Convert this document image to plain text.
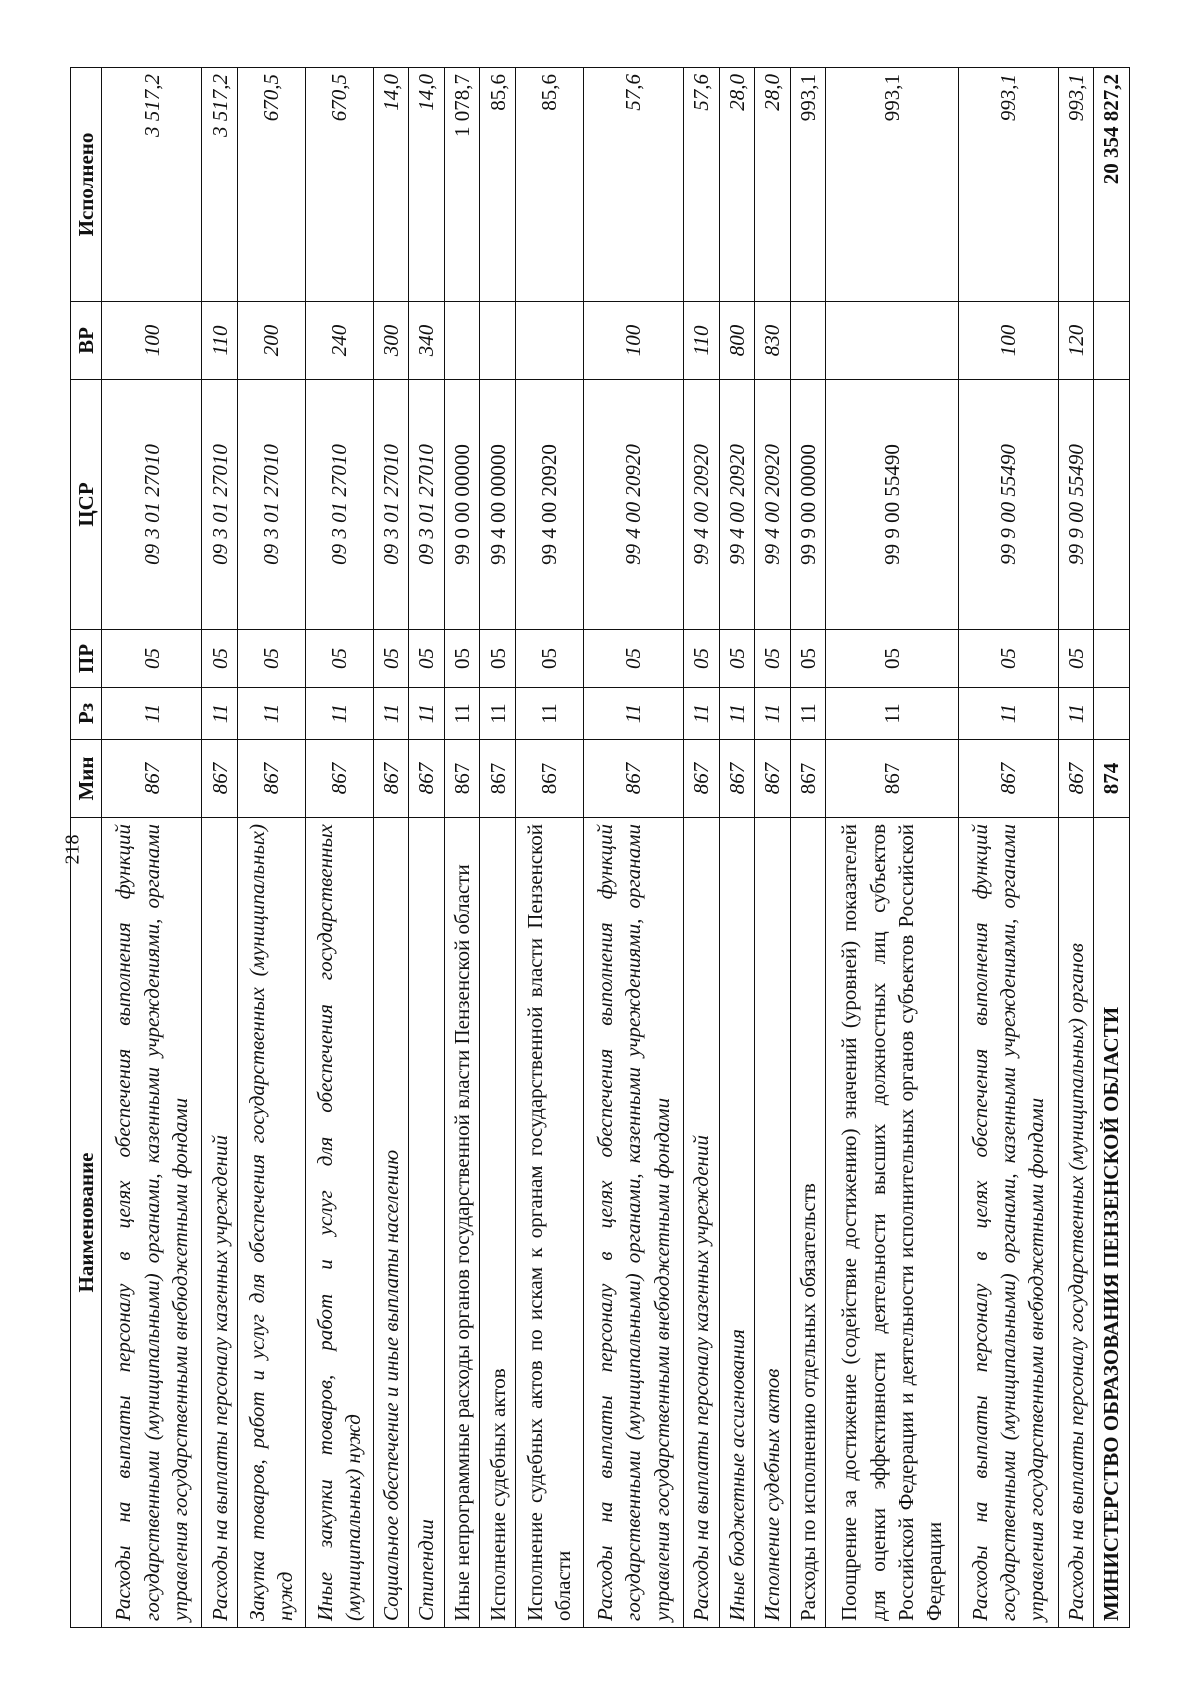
218
Наименование	Мин	Рз	ПР	ЦСР	ВР	Исполнено
Расходы на выплаты персоналу в целях обеспечения выполнения функций государственными (муниципальными) органами, казенными учреждениями, органами управления государственными внебюджетными фондами	867	11	05	09 3 01 27010	100	3 517,2
Расходы на выплаты персоналу казенных учреждений	867	11	05	09 3 01 27010	110	3 517,2
Закупка товаров, работ и услуг для обеспечения государственных (муниципальных) нужд	867	11	05	09 3 01 27010	200	670,5
Иные закупки товаров, работ и услуг для обеспечения государственных (муниципальных) нужд	867	11	05	09 3 01 27010	240	670,5
Социальное обеспечение и иные выплаты населению	867	11	05	09 3 01 27010	300	14,0
Стипендии	867	11	05	09 3 01 27010	340	14,0
Иные непрограммные расходы органов государственной власти Пензенской области	867	11	05	99 0 00 00000		1 078,7
Исполнение судебных актов	867	11	05	99 4 00 00000		85,6
Исполнение судебных актов по искам к органам государственной власти Пензенской области	867	11	05	99 4 00 20920		85,6
Расходы на выплаты персоналу в целях обеспечения выполнения функций государственными (муниципальными) органами, казенными учреждениями, органами управления государственными внебюджетными фондами	867	11	05	99 4 00 20920	100	57,6
Расходы на выплаты персоналу казенных учреждений	867	11	05	99 4 00 20920	110	57,6
Иные бюджетные ассигнования	867	11	05	99 4 00 20920	800	28,0
Исполнение судебных актов	867	11	05	99 4 00 20920	830	28,0
Расходы по исполнению отдельных обязательств	867	11	05	99 9 00 00000		993,1
Поощрение за достижение (содействие достижению) значений (уровней) показателей для оценки эффективности деятельности высших должностных лиц субъектов Российской Федерации и деятельности исполнительных органов субъектов Российской Федерации	867	11	05	99 9 00 55490		993,1
Расходы на выплаты персоналу в целях обеспечения выполнения функций государственными (муниципальными) органами, казенными учреждениями, органами управления государственными внебюджетными фондами	867	11	05	99 9 00 55490	100	993,1
Расходы на выплаты персоналу государственных (муниципальных) органов	867	11	05	99 9 00 55490	120	993,1
МИНИСТЕРСТВО ОБРАЗОВАНИЯ ПЕНЗЕНСКОЙ ОБЛАСТИ	874					20 354 827,2
